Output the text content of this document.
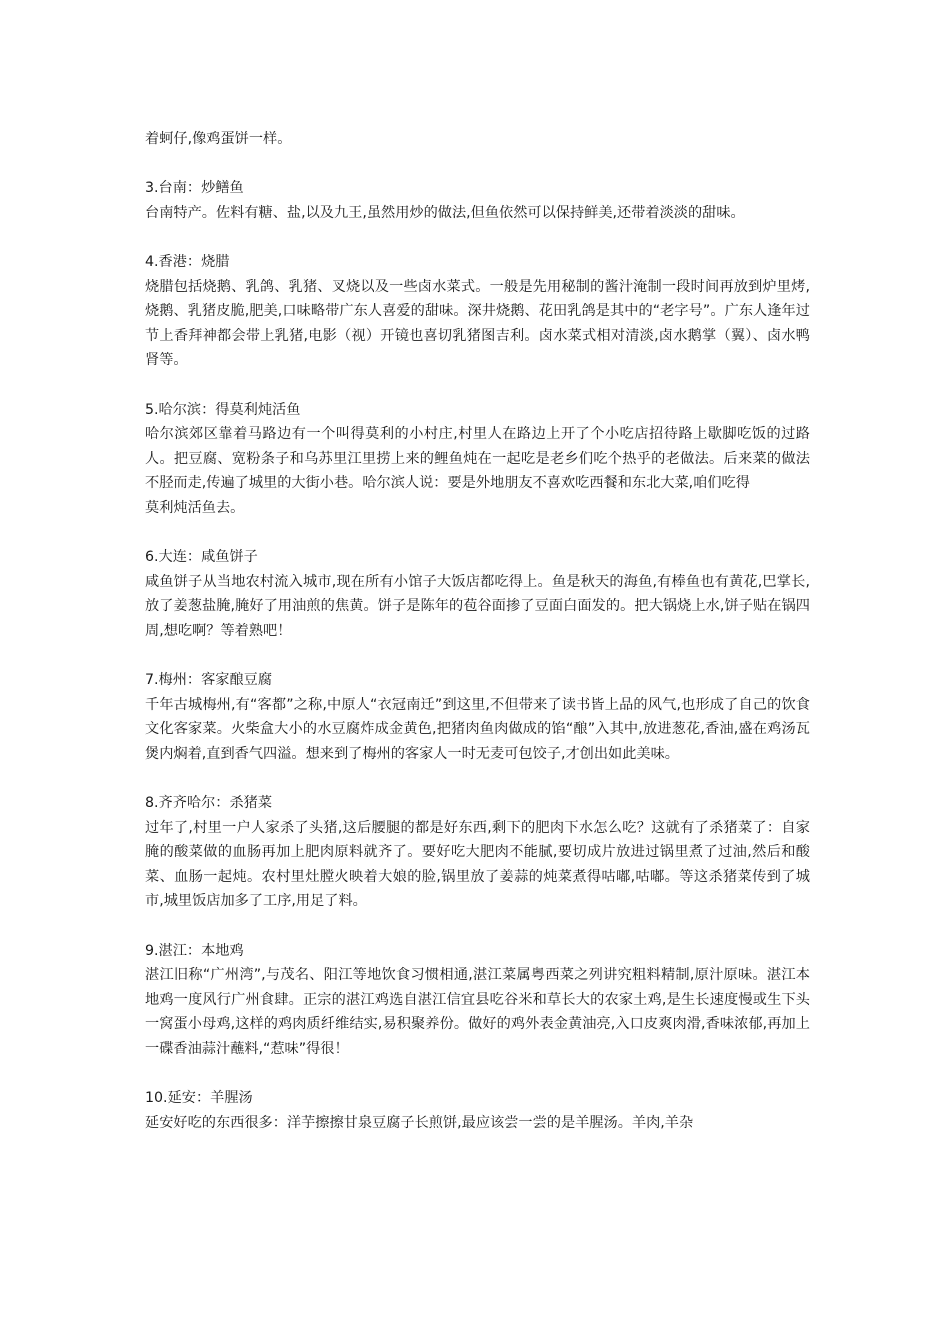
着蚵仔,像鸡蛋饼一样。

3.台南：炒鳝鱼

台南特产。佐料有糖、盐,以及九王,虽然用炒的做法,但鱼依然可以保持鲜美,还带着淡淡的甜味。

4.香港：烧腊

烧腊包括烧鹅、乳鸽、乳猪、叉烧以及一些卤水菜式。一般是先用秘制的酱汁淹制一段时间再放到炉里烤,烧鹅、乳猪皮脆,肥美,口味略带广东人喜爱的甜味。深井烧鹅、花田乳鸽是其中的“老字号”。广东人逢年过节上香拜神都会带上乳猪,电影（视）开镜也喜切乳猪图吉利。卤水菜式相对清淡,卤水鹅掌（翼）、卤水鸭肾等。

5.哈尔滨：得莫利炖活鱼

哈尔滨郊区靠着马路边有一个叫得莫利的小村庄,村里人在路边上开了个小吃店招待路上歇脚吃饭的过路人。把豆腐、宽粉条子和乌苏里江里捞上来的鲤鱼炖在一起吃是老乡们吃个热乎的老做法。后来菜的做法不胫而走,传遍了城里的大街小巷。哈尔滨人说：要是外地朋友不喜欢吃西餐和东北大菜,咱们吃得

莫利炖活鱼去。

6.大连：咸鱼饼子

咸鱼饼子从当地农村流入城市,现在所有小馆子大饭店都吃得上。鱼是秋天的海鱼,有棒鱼也有黄花,巴掌长,放了姜葱盐腌,腌好了用油煎的焦黄。饼子是陈年的苞谷面掺了豆面白面发的。把大锅烧上水,饼子贴在锅四周,想吃啊？等着熟吧！

7.梅州：客家酿豆腐

千年古城梅州,有“客都”之称,中原人“衣冠南迁”到这里,不但带来了读书皆上品的风气,也形成了自己的饮食文化客家菜。火柴盒大小的水豆腐炸成金黄色,把猪肉鱼肉做成的馅“酿”入其中,放进葱花,香油,盛在鸡汤瓦煲内焖着,直到香气四溢。想来到了梅州的客家人一时无麦可包饺子,才创出如此美味。

8.齐齐哈尔：杀猪菜

过年了,村里一户人家杀了头猪,这后腰腿的都是好东西,剩下的肥肉下水怎么吃？这就有了杀猪菜了：自家腌的酸菜做的血肠再加上肥肉原料就齐了。要好吃大肥肉不能腻,要切成片放进过锅里煮了过油,然后和酸菜、血肠一起炖。农村里灶膛火映着大娘的脸,锅里放了姜蒜的炖菜煮得咕嘟,咕嘟。等这杀猪菜传到了城市,城里饭店加多了工序,用足了料。

9.湛江：本地鸡

湛江旧称“广州湾”,与茂名、阳江等地饮食习惯相通,湛江菜属粤西菜之列讲究粗料精制,原汁原味。湛江本地鸡一度风行广州食肆。正宗的湛江鸡选自湛江信宜县吃谷米和草长大的农家土鸡,是生长速度慢或生下头一窝蛋小母鸡,这样的鸡肉质纤维结实,易积聚养份。做好的鸡外表金黄油亮,入口皮爽肉滑,香味浓郁,再加上一碟香油蒜汁蘸料,“惹味”得很！

10.延安：羊腥汤

延安好吃的东西很多：洋芋擦擦甘泉豆腐子长煎饼,最应该尝一尝的是羊腥汤。羊肉,羊杂
